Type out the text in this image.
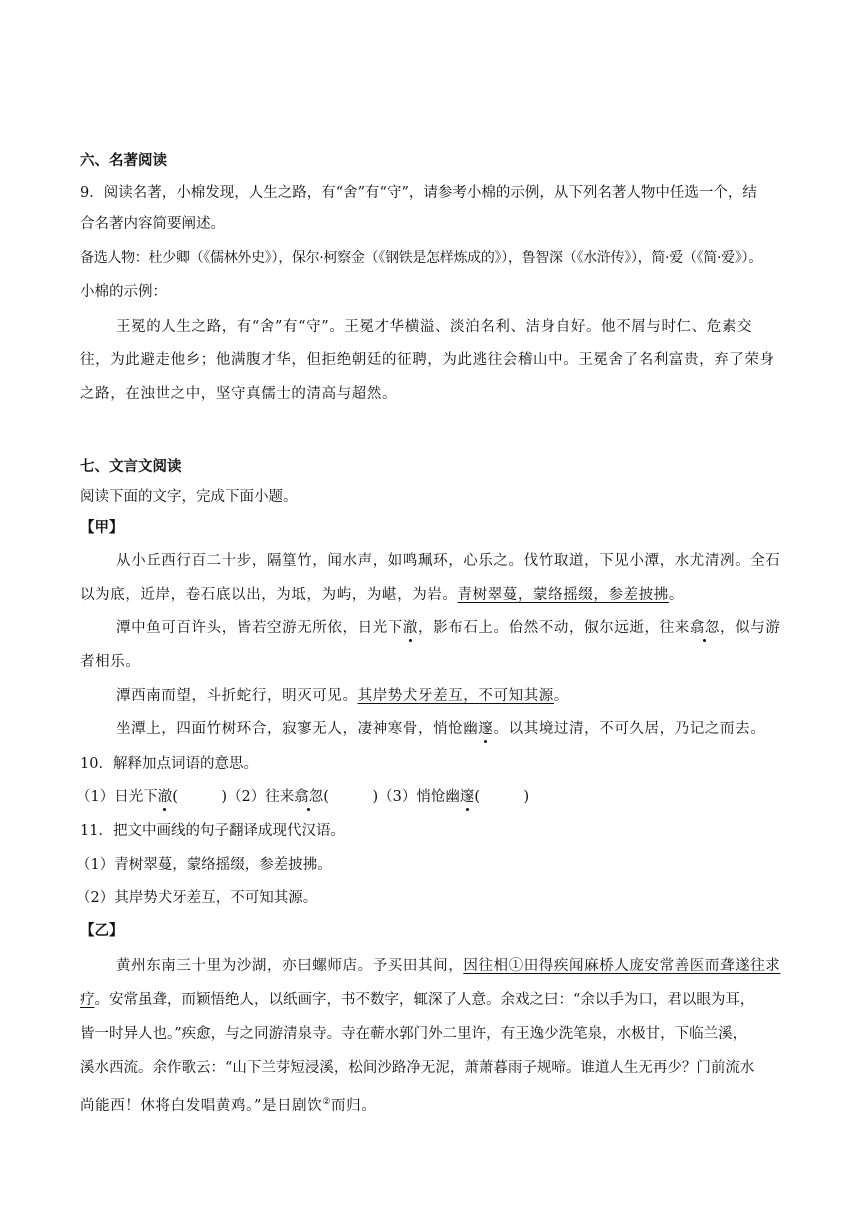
六、名著阅读

9．阅读名著，小棉发现，人生之路，有“舍”有“守”，请参考小棉的示例，从下列名著人物中任选一个，结

合名著内容简要阐述。

备选人物：杜少卿（《儒林外史》），保尔·柯察金（《钢铁是怎样炼成的》），鲁智深（《水浒传》），简·爱（《简·爱》）。

小棉的示例：

王冕的人生之路，有“舍”有“守”。王冕才华横溢、淡泊名利、洁身自好。他不屑与时仁、危素交

往，为此避走他乡；他满腹才华，但拒绝朝廷的征聘，为此逃往会稽山中。王冕舍了名利富贵，弃了荣身

之路，在浊世之中，坚守真儒士的清高与超然。

七、文言文阅读

阅读下面的文字，完成下面小题。

【甲】

从小丘西行百二十步，隔篁竹，闻水声，如鸣珮环，心乐之。伐竹取道，下见小潭，水尤清冽。全石

以为底，近岸，卷石底以出，为坻，为屿，为嵁，为岩。青树翠蔓，蒙络摇缀，参差披拂。

潭中鱼可百许头，皆若空游无所依，日光下澈，影布石上。佁然不动，俶尔远逝，往来翕忽，似与游

者相乐。

潭西南而望，斗折蛇行，明灭可见。其岸势犬牙差互，不可知其源。

坐潭上，四面竹树环合，寂寥无人，凄神寒骨，悄怆幽邃。以其境过清，不可久居，乃记之而去。

10．解释加点词语的意思。

（1）日光下澈(　　　)（2）往来翕忽(　　　)（3）悄怆幽邃(　　　)

11．把文中画线的句子翻译成现代汉语。

（1）青树翠蔓，蒙络摇缀，参差披拂。

（2）其岸势犬牙差互，不可知其源。

【乙】

黄州东南三十里为沙湖，亦曰螺师店。予买田其间，因往相①田得疾闻麻桥人庞安常善医而聋遂往求

疗。安常虽聋，而颖悟绝人，以纸画字，书不数字，辄深了人意。余戏之曰：“余以手为口，君以眼为耳，

皆一时异人也。”疾愈，与之同游清泉寺。寺在蕲水郭门外二里许，有王逸少洗笔泉，水极甘，下临兰溪，

溪水西流。余作歌云：“山下兰芽短浸溪，松间沙路净无泥，萧萧暮雨子规啼。谁道人生无再少？门前流水

尚能西！休将白发唱黄鸡。”是日剧饮②而归。
